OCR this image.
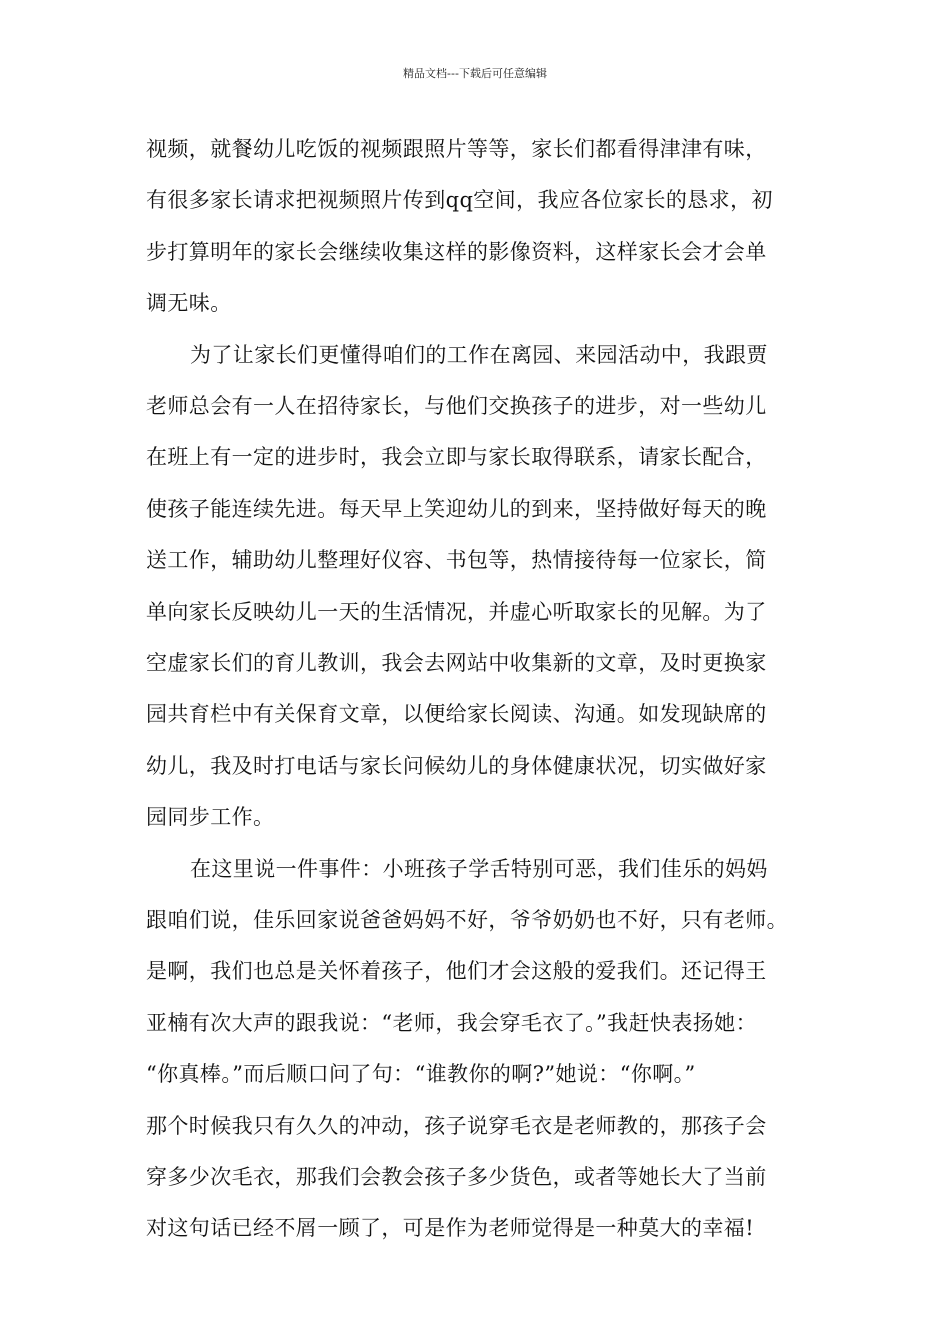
精品文档---下载后可任意编辑
视频，就餐幼儿吃饭的视频跟照片等等，家长们都看得津津有味，
有很多家长请求把视频照片传到qq空间，我应各位家长的恳求，初
步打算明年的家长会继续收集这样的影像资料，这样家长会才会单
调无味。
为了让家长们更懂得咱们的工作在离园、来园活动中，我跟贾
老师总会有一人在招待家长，与他们交换孩子的进步，对一些幼儿
在班上有一定的进步时，我会立即与家长取得联系，请家长配合，
使孩子能连续先进。每天早上笑迎幼儿的到来，坚持做好每天的晚
送工作，辅助幼儿整理好仪容、书包等，热情接待每一位家长，简
单向家长反映幼儿一天的生活情况，并虚心听取家长的见解。为了
空虚家长们的育儿教训，我会去网站中收集新的文章，及时更换家
园共育栏中有关保育文章，以便给家长阅读、沟通。如发现缺席的
幼儿，我及时打电话与家长问候幼儿的身体健康状况，切实做好家
园同步工作。
在这里说一件事件：小班孩子学舌特别可恶，我们佳乐的妈妈
跟咱们说，佳乐回家说爸爸妈妈不好，爷爷奶奶也不好，只有老师。
是啊，我们也总是关怀着孩子，他们才会这般的爱我们。还记得王
亚楠有次大声的跟我说：“老师，我会穿毛衣了。”我赶快表扬她：
“你真棒。”而后顺口问了句：“谁教你的啊?”她说：“你啊。”
那个时候我只有久久的冲动，孩子说穿毛衣是老师教的，那孩子会
穿多少次毛衣，那我们会教会孩子多少货色，或者等她长大了当前
对这句话已经不屑一顾了，可是作为老师觉得是一种莫大的幸福!
